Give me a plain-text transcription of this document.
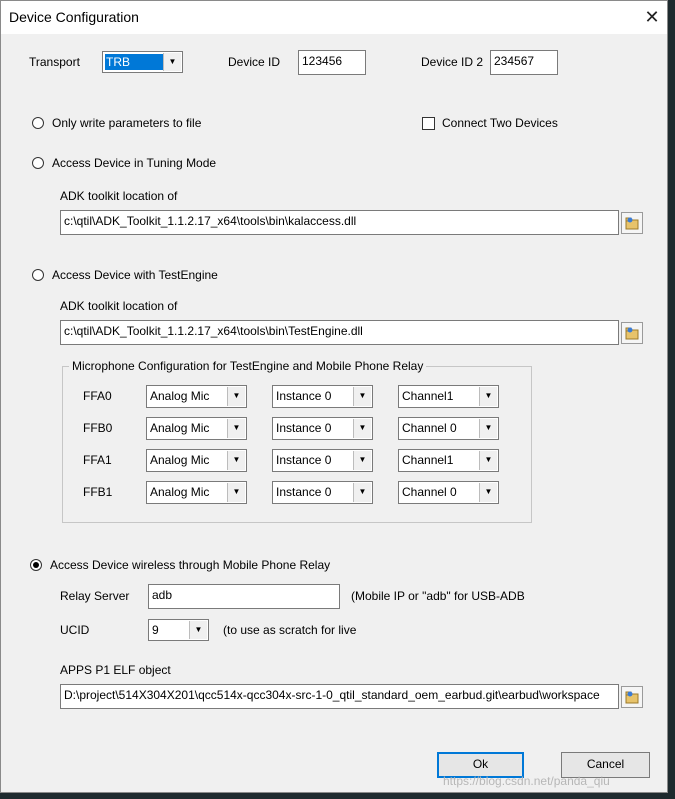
Device Configuration	✕
Transport TRB	▼	Device ID	123456	Device ID 2 234567
Only write parameters to file	Connect Two Devices
Access Device in Tuning Mode
ADK toolkit location of
c:\qtil\ADK_Toolkit_1.1.2.17_x64\tools\bin\kalaccess.dll
Access Device with TestEngine
ADK toolkit location of
c:\qtil\ADK_Toolkit_1.1.2.17_x64\tools\bin\TestEngine.dll
Microphone Configuration for TestEngine and Mobile Phone Relay
FFA0	Analog Mic	▼	Instance 0	▼	Channel1	▼
FFB0	Analog Mic	▼	Instance 0	▼	Channel 0	▼
FFA1	Analog Mic	▼	Instance 0	▼	Channel1	▼
FFB1	Analog Mic	▼	Instance 0	▼	Channel 0	▼
Access Device wireless through Mobile Phone Relay
Relay Server	adb	(Mobile IP or "adb" for USB-ADB
UCID	9	▼	(to use as scratch for live
APPS P1 ELF object
D:\project\514X304X201\qcc514x-qcc304x-src-1-0_qtil_standard_oem_earbud.git\earbud\workspace
Ok	Cancel
https://blog.csdn.net/panda_qiu
